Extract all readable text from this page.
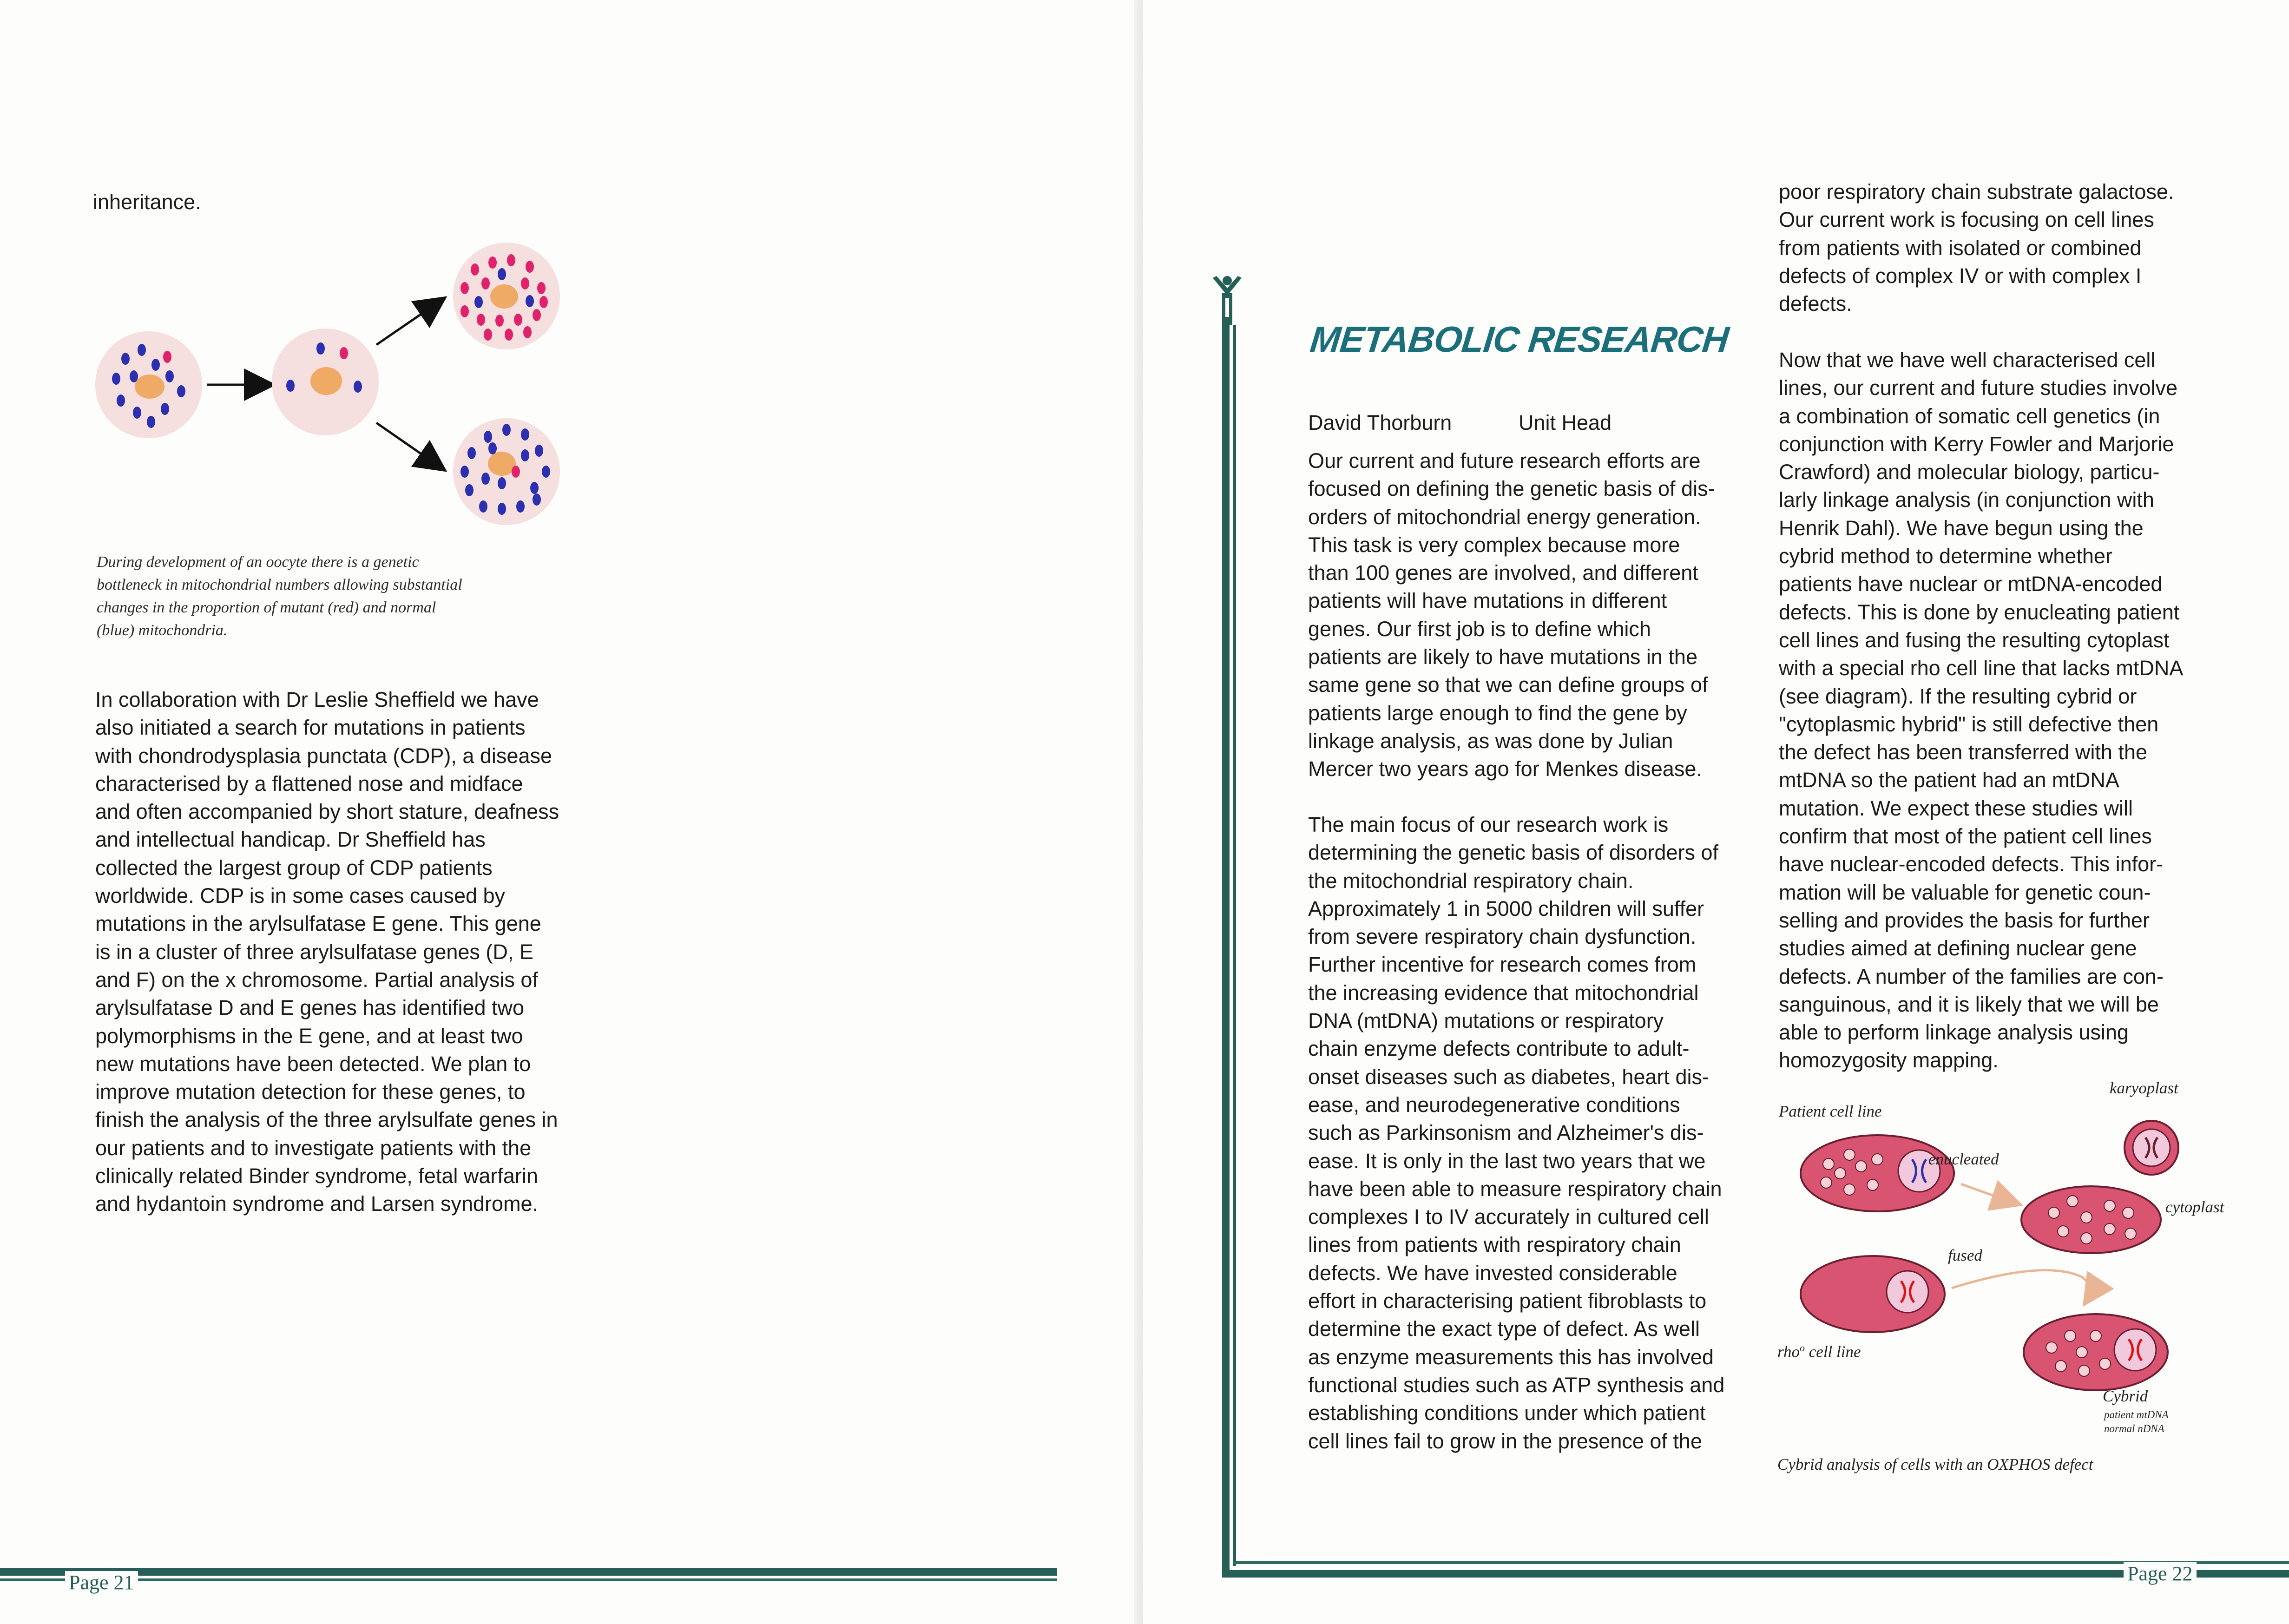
inheritance.
During development of an oocyte there is a genetic
bottleneck in mitochondrial numbers allowing substantial
changes in the proportion of mutant (red) and normal
(blue) mitochondria.
In collaboration with Dr Leslie Sheffield we have
also initiated a search for mutations in patients
with chondrodysplasia punctata (CDP), a disease
characterised by a flattened nose and midface
and often accompanied by short stature, deafness
and intellectual handicap. Dr Sheffield has
collected the largest group of CDP patients
worldwide. CDP is in some cases caused by
mutations in the arylsulfatase E gene. This gene
is in a cluster of three arylsulfatase genes (D, E
and F) on the x chromosome. Partial analysis of
arylsulfatase D and E genes has identified two
polymorphisms in the E gene, and at least two
new mutations have been detected. We plan to
improve mutation detection for these genes, to
finish the analysis of the three arylsulfate genes in
our patients and to investigate patients with the
clinically related Binder syndrome, fetal warfarin
and hydantoin syndrome and Larsen syndrome.
Page 21	Page 22
METABOLIC RESEARCH
David Thorburn	Unit Head
Our current and future research efforts are
focused on defining the genetic basis of dis-
orders of mitochondrial energy generation.
This task is very complex because more
than 100 genes are involved, and different
patients will have mutations in different
genes. Our first job is to define which
patients are likely to have mutations in the
same gene so that we can define groups of
patients large enough to find the gene by
linkage analysis, as was done by Julian
Mercer two years ago for Menkes disease.
The main focus of our research work is
determining the genetic basis of disorders of
the mitochondrial respiratory chain.
Approximately 1 in 5000 children will suffer
from severe respiratory chain dysfunction.
Further incentive for research comes from
the increasing evidence that mitochondrial
DNA (mtDNA) mutations or respiratory
chain enzyme defects contribute to adult-
onset diseases such as diabetes, heart dis-
ease, and neurodegenerative conditions
such as Parkinsonism and Alzheimer's dis-
ease. It is only in the last two years that we
have been able to measure respiratory chain
complexes I to IV accurately in cultured cell
lines from patients with respiratory chain
defects. We have invested considerable
effort in characterising patient fibroblasts to
determine the exact type of defect. As well
as enzyme measurements this has involved
functional studies such as ATP synthesis and
establishing conditions under which patient
cell lines fail to grow in the presence of the
poor respiratory chain substrate galactose.
Our current work is focusing on cell lines
from patients with isolated or combined
defects of complex IV or with complex I
defects.
Now that we have well characterised cell
lines, our current and future studies involve
a combination of somatic cell genetics (in
conjunction with Kerry Fowler and Marjorie
Crawford) and molecular biology, particu-
larly linkage analysis (in conjunction with
Henrik Dahl). We have begun using the
cybrid method to determine whether
patients have nuclear or mtDNA-encoded
defects. This is done by enucleating patient
cell lines and fusing the resulting cytoplast
with a special rho cell line that lacks mtDNA
(see diagram). If the resulting cybrid or
"cytoplasmic hybrid" is still defective then
the defect has been transferred with the
mtDNA so the patient had an mtDNA
mutation. We expect these studies will
confirm that most of the patient cell lines
have nuclear-encoded defects. This infor-
mation will be valuable for genetic coun-
selling and provides the basis for further
studies aimed at defining nuclear gene
defects. A number of the families are con-
sanguinous, and it is likely that we will be
able to perform linkage analysis using
homozygosity mapping.
Patient cell line
karyoplast
enucleated
cytoplast
fused
rho$^o$ cell line
Cybrid
patient mtDNA
normal nDNA
Cybrid analysis of cells with an OXPHOS defect
